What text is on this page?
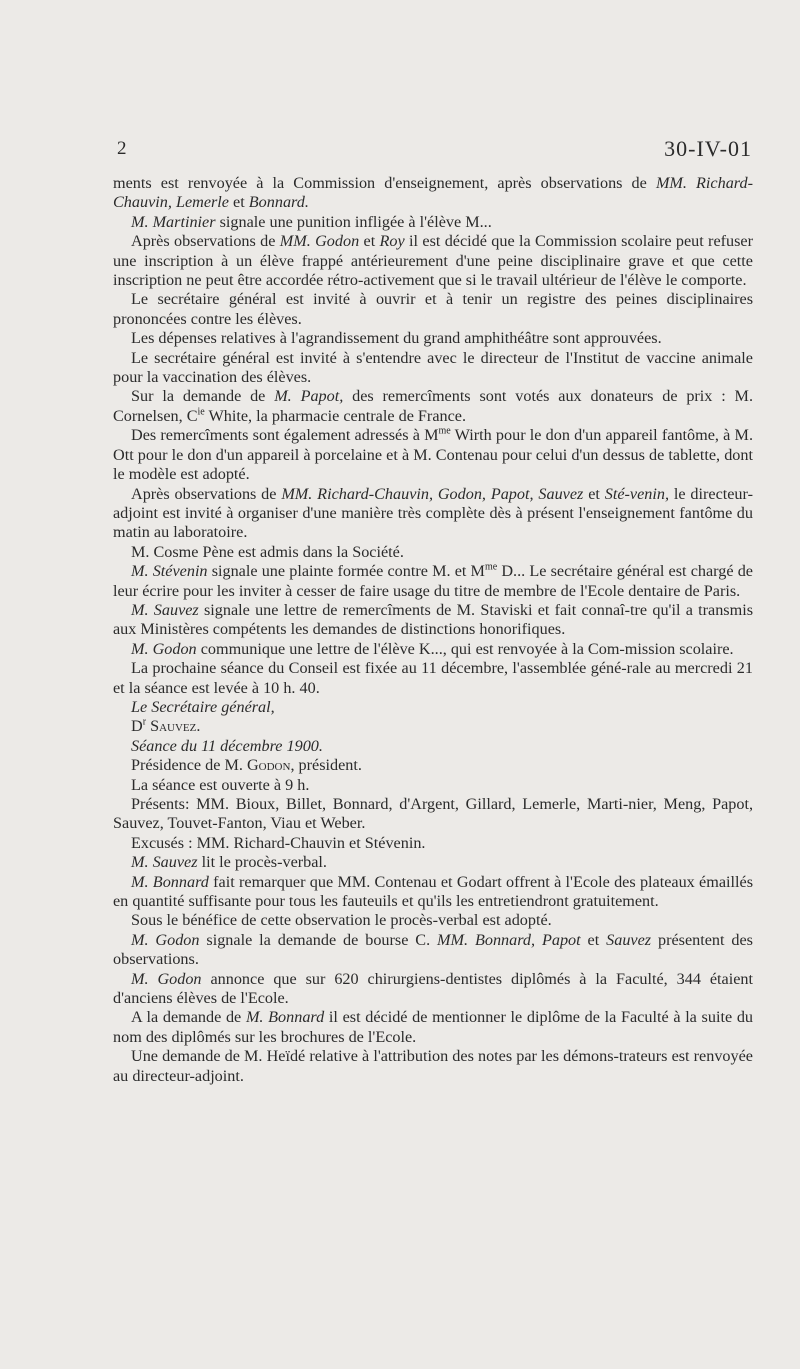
2	30-IV-01

ments est renvoyée à la Commission d'enseignement, après observations de MM. Richard-Chauvin, Lemerle et Bonnard.

M. Martinier signale une punition infligée à l'élève M...

Après observations de MM. Godon et Roy il est décidé que la Commission scolaire peut refuser une inscription à un élève frappé antérieurement d'une peine disciplinaire grave et que cette inscription ne peut être accordée rétro-activement que si le travail ultérieur de l'élève le comporte.

Le secrétaire général est invité à ouvrir et à tenir un registre des peines disciplinaires prononcées contre les élèves.

Les dépenses relatives à l'agrandissement du grand amphithéâtre sont approuvées.

Le secrétaire général est invité à s'entendre avec le directeur de l'Institut de vaccine animale pour la vaccination des élèves.

Sur la demande de M. Papot, des remercîments sont votés aux donateurs de prix : M. Cornelsen, $C^{ie}$ White, la pharmacie centrale de France.

Des remercîments sont également adressés à $M^{me}$ Wirth pour le don d'un appareil fantôme, à M. Ott pour le don d'un appareil à porcelaine et à M. Contenau pour celui d'un dessus de tablette, dont le modèle est adopté.

Après observations de MM. Richard-Chauvin, Godon, Papot, Sauvez et Sté-venin, le directeur-adjoint est invité à organiser d'une manière très complète dès à présent l'enseignement fantôme du matin au laboratoire.

M. Cosme Pène est admis dans la Société.

M. Stévenin signale une plainte formée contre M. et $M^{me}$ D... Le secrétaire général est chargé de leur écrire pour les inviter à cesser de faire usage du titre de membre de l'Ecole dentaire de Paris.

M. Sauvez signale une lettre de remercîments de M. Staviski et fait connaî-tre qu'il a transmis aux Ministères compétents les demandes de distinctions honorifiques.

M. Godon communique une lettre de l'élève K..., qui est renvoyée à la Com-mission scolaire.

La prochaine séance du Conseil est fixée au 11 décembre, l'assemblée géné-rale au mercredi 21 et la séance est levée à 10 h. 40.

Le Secrétaire général,

$D^r$ Sauvez.

Séance du 11 décembre 1900.

Présidence de M. Godon, président.

La séance est ouverte à 9 h.

Présents: MM. Bioux, Billet, Bonnard, d'Argent, Gillard, Lemerle, Marti-nier, Meng, Papot, Sauvez, Touvet-Fanton, Viau et Weber.

Excusés : MM. Richard-Chauvin et Stévenin.

M. Sauvez lit le procès-verbal.

M. Bonnard fait remarquer que MM. Contenau et Godart offrent à l'Ecole des plateaux émaillés en quantité suffisante pour tous les fauteuils et qu'ils les entretiendront gratuitement.

Sous le bénéfice de cette observation le procès-verbal est adopté.

M. Godon signale la demande de bourse C. MM. Bonnard, Papot et Sauvez présentent des observations.

M. Godon annonce que sur 620 chirurgiens-dentistes diplômés à la Faculté, 344 étaient d'anciens élèves de l'Ecole.

A la demande de M. Bonnard il est décidé de mentionner le diplôme de la Faculté à la suite du nom des diplômés sur les brochures de l'Ecole.

Une demande de M. Heïdé relative à l'attribution des notes par les démons-trateurs est renvoyée au directeur-adjoint.
